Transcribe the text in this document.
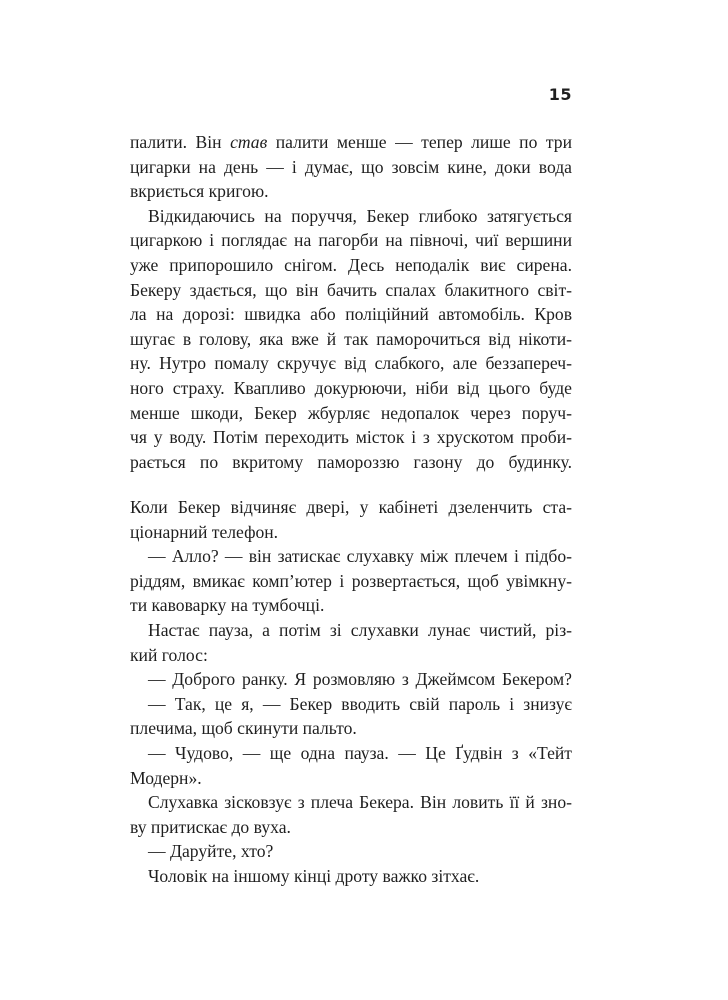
15
палити. Він став палити менше — тепер лише по три
цигарки на день — і думає, що зовсім кине, доки вода
вкриється кригою.
Відкидаючись на поруччя, Бекер глибоко затягується
цигаркою і поглядає на пагорби на півночі, чиї вершини
уже припорошило снігом. Десь неподалік виє сирена.
Бекеру здається, що він бачить спалах блакитного світ-
ла на дорозі: швидка або поліційний автомобіль. Кров
шугає в голову, яка вже й так паморочиться від нікоти-
ну. Нутро помалу скручує від слабкого, але беззапереч-
ного страху. Квапливо докурюючи, ніби від цього буде
менше шкоди, Бекер жбурляє недопалок через поруч-
чя у воду. Потім переходить місток і з хрускотом проби-
рається по вкритому памороззю газону до будинку.
Коли Бекер відчиняє двері, у кабінеті дзеленчить ста-
ціонарний телефон.
— Алло? — він затискає слухавку між плечем і підбо-
ріддям, вмикає комп’ютер і розвертається, щоб увімкну-
ти кавоварку на тумбочці.
Настає пауза, а потім зі слухавки лунає чистий, різ-
кий голос:
— Доброго ранку. Я розмовляю з Джеймсом Бекером?
— Так, це я, — Бекер вводить свій пароль і знизує
плечима, щоб скинути пальто.
— Чудово, — ще одна пауза. — Це Ґудвін з «Тейт
Модерн».
Слухавка зісковзує з плеча Бекера. Він ловить її й зно-
ву притискає до вуха.
— Даруйте, хто?
Чоловік на іншому кінці дроту важко зітхає.
